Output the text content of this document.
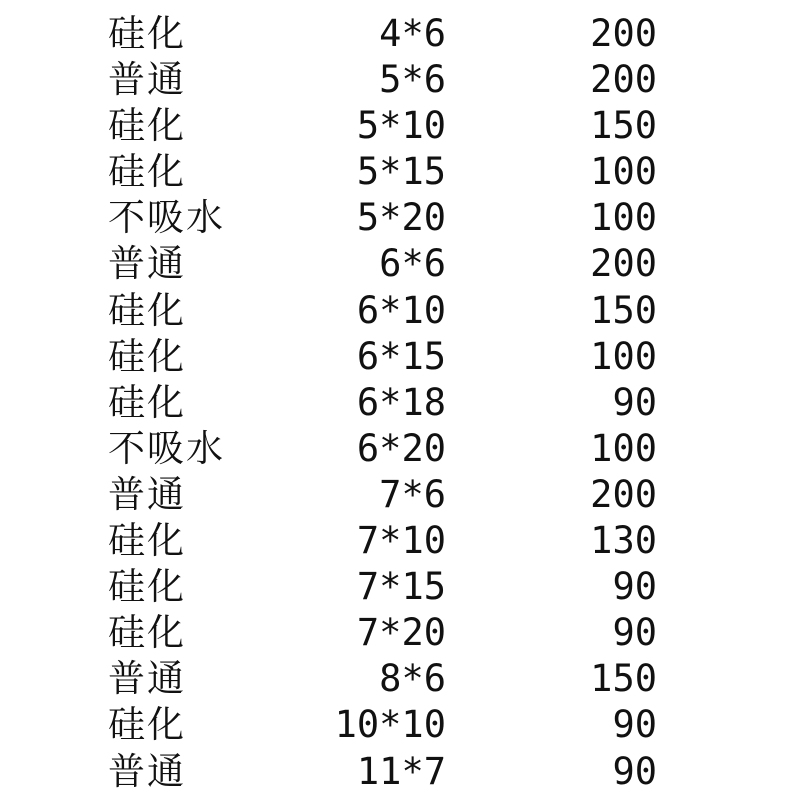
硅化	4*6	200
普通	5*6	200
硅化	5*10	150
硅化	5*15	100
不吸水	5*20	100
普通	6*6	200
硅化	6*10	150
硅化	6*15	100
硅化	6*18	90
不吸水	6*20	100
普通	7*6	200
硅化	7*10	130
硅化	7*15	90
硅化	7*20	90
普通	8*6	150
硅化	10*10	90
普通	11*7	90
